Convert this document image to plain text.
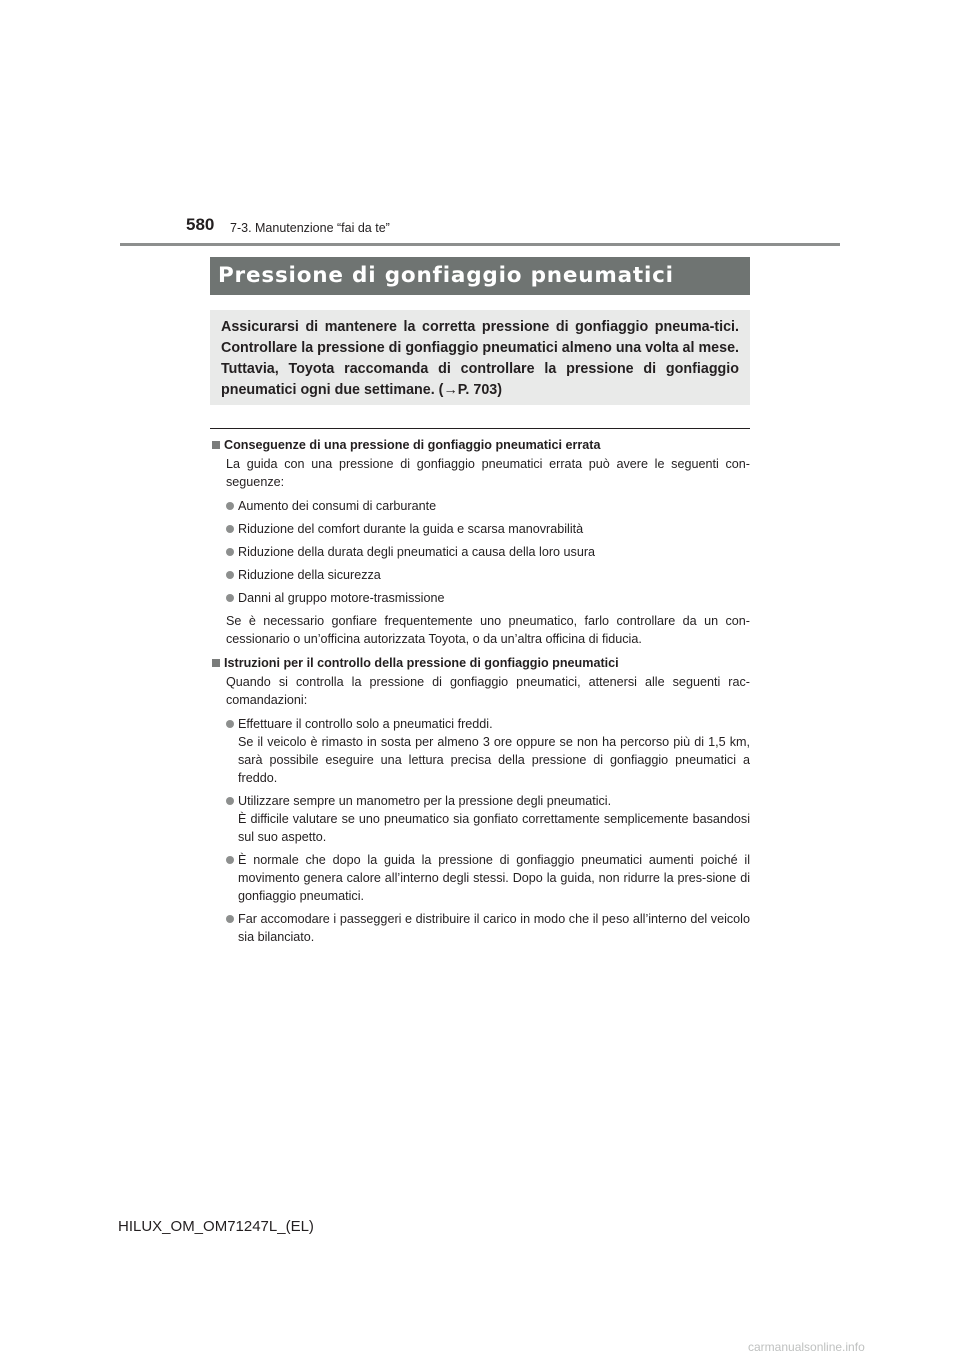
580 7-3. Manutenzione “fai da te”
Pressione di gonfiaggio pneumatici
Assicurarsi di mantenere la corretta pressione di gonfiaggio pneuma-tici. Controllare la pressione di gonfiaggio pneumatici almeno una volta al mese. Tuttavia, Toyota raccomanda di controllare la pressione di gonfiaggio pneumatici ogni due settimane. (→P. 703)
Conseguenze di una pressione di gonfiaggio pneumatici errata
La guida con una pressione di gonfiaggio pneumatici errata può avere le seguenti con-seguenze:
Aumento dei consumi di carburante
Riduzione del comfort durante la guida e scarsa manovrabilità
Riduzione della durata degli pneumatici a causa della loro usura
Riduzione della sicurezza
Danni al gruppo motore-trasmissione
Se è necessario gonfiare frequentemente uno pneumatico, farlo controllare da un con-cessionario o un’officina autorizzata Toyota, o da un’altra officina di fiducia.
Istruzioni per il controllo della pressione di gonfiaggio pneumatici
Quando si controlla la pressione di gonfiaggio pneumatici, attenersi alle seguenti rac-comandazioni:
Effettuare il controllo solo a pneumatici freddi.
Se il veicolo è rimasto in sosta per almeno 3 ore oppure se non ha percorso più di 1,5 km, sarà possibile eseguire una lettura precisa della pressione di gonfiaggio pneumatici a freddo.
Utilizzare sempre un manometro per la pressione degli pneumatici.
È difficile valutare se uno pneumatico sia gonfiato correttamente semplicemente basandosi sul suo aspetto.
È normale che dopo la guida la pressione di gonfiaggio pneumatici aumenti poiché il movimento genera calore all’interno degli stessi. Dopo la guida, non ridurre la pres-sione di gonfiaggio pneumatici.
Far accomodare i passeggeri e distribuire il carico in modo che il peso all’interno del veicolo sia bilanciato.
HILUX_OM_OM71247L_(EL)
carmanualsonline.info
